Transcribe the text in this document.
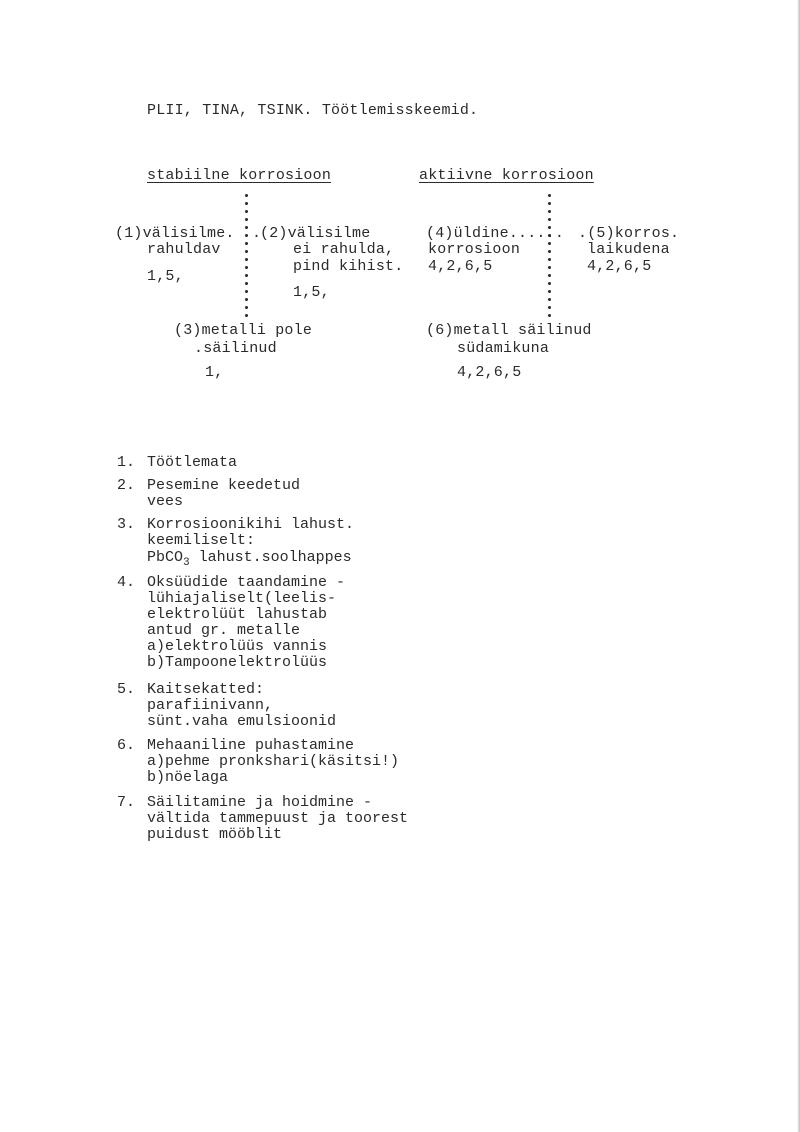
PLII, TINA, TSINK. Töötlemisskeemid.
stabiilne korrosioon	aktiivne korrosioon
(1)välisilme.
rahuldav
1,5,
.
(2)välisilme
ei rahulda,
pind kihist.
1,5,
(3)metalli pole
.säilinud
1,
(4)üldine......
korrosioon
4,2,6,5
.(5)korros.
laikudena
4,2,6,5
(6)metall säilinud
südamikuna
4,2,6,5
1. Töötlemata
2. Pesemine keedetud
vees
3. Korrosioonikihi lahust.
keemiliselt:
PbCO$_3$ lahust.soolhappes
4. Oksüüdide taandamine -
lühiajaliselt(leelis-
elektrolüüt lahustab
antud gr. metalle
a)elektrolüüs vannis
b)Tampoonelektrolüüs
5. Kaitsekatted:
parafiinivann,
sünt.vaha emulsioonid
6. Mehaaniline puhastamine
a)pehme pronkshari(käsitsi!)
b)nöelaga
7. Säilitamine ja hoidmine -
vältida tammepuust ja toorest
puidust mööblit
